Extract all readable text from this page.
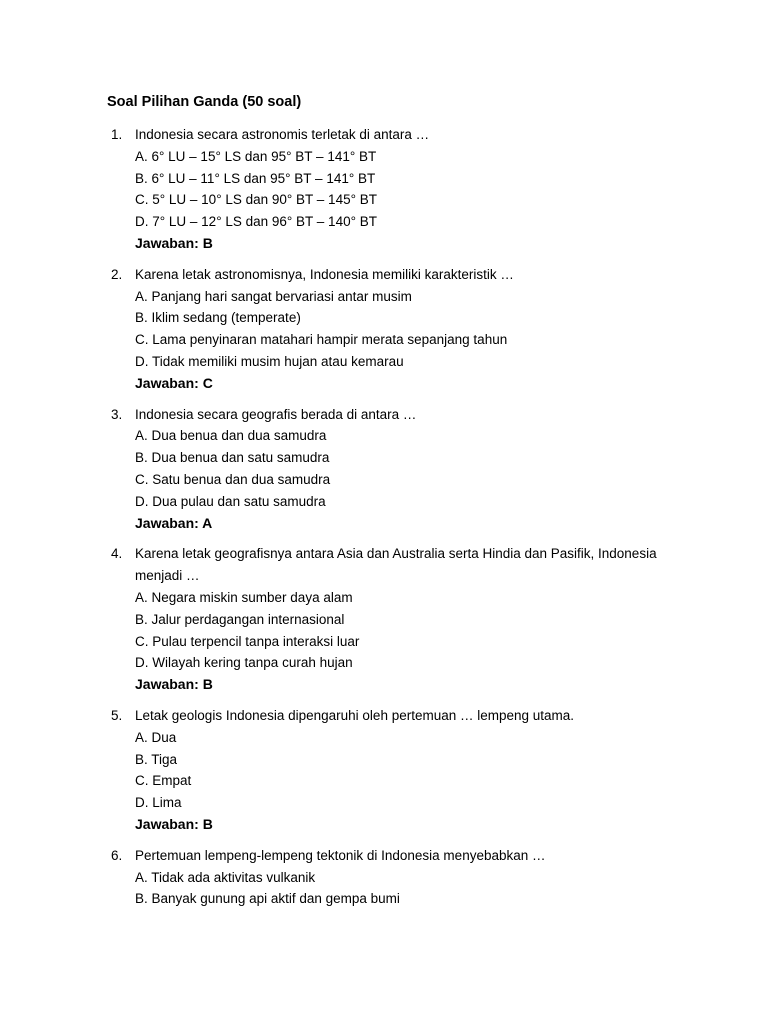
Soal Pilihan Ganda (50 soal)
1. Indonesia secara astronomis terletak di antara …

A. 6° LU – 15° LS dan 95° BT – 141° BT
B. 6° LU – 11° LS dan 95° BT – 141° BT
C. 5° LU – 10° LS dan 90° BT – 145° BT
D. 7° LU – 12° LS dan 96° BT – 140° BT
Jawaban: B
2. Karena letak astronomisnya, Indonesia memiliki karakteristik …

A. Panjang hari sangat bervariasi antar musim
B. Iklim sedang (temperate)
C. Lama penyinaran matahari hampir merata sepanjang tahun
D. Tidak memiliki musim hujan atau kemarau
Jawaban: C
3. Indonesia secara geografis berada di antara …

A. Dua benua dan dua samudra
B. Dua benua dan satu samudra
C. Satu benua dan dua samudra
D. Dua pulau dan satu samudra
Jawaban: A
4. Karena letak geografisnya antara Asia dan Australia serta Hindia dan Pasifik, Indonesia menjadi …

A. Negara miskin sumber daya alam
B. Jalur perdagangan internasional
C. Pulau terpencil tanpa interaksi luar
D. Wilayah kering tanpa curah hujan
Jawaban: B
5. Letak geologis Indonesia dipengaruhi oleh pertemuan … lempeng utama.

A. Dua
B. Tiga
C. Empat
D. Lima
Jawaban: B
6. Pertemuan lempeng-lempeng tektonik di Indonesia menyebabkan …

A. Tidak ada aktivitas vulkanik
B. Banyak gunung api aktif dan gempa bumi
